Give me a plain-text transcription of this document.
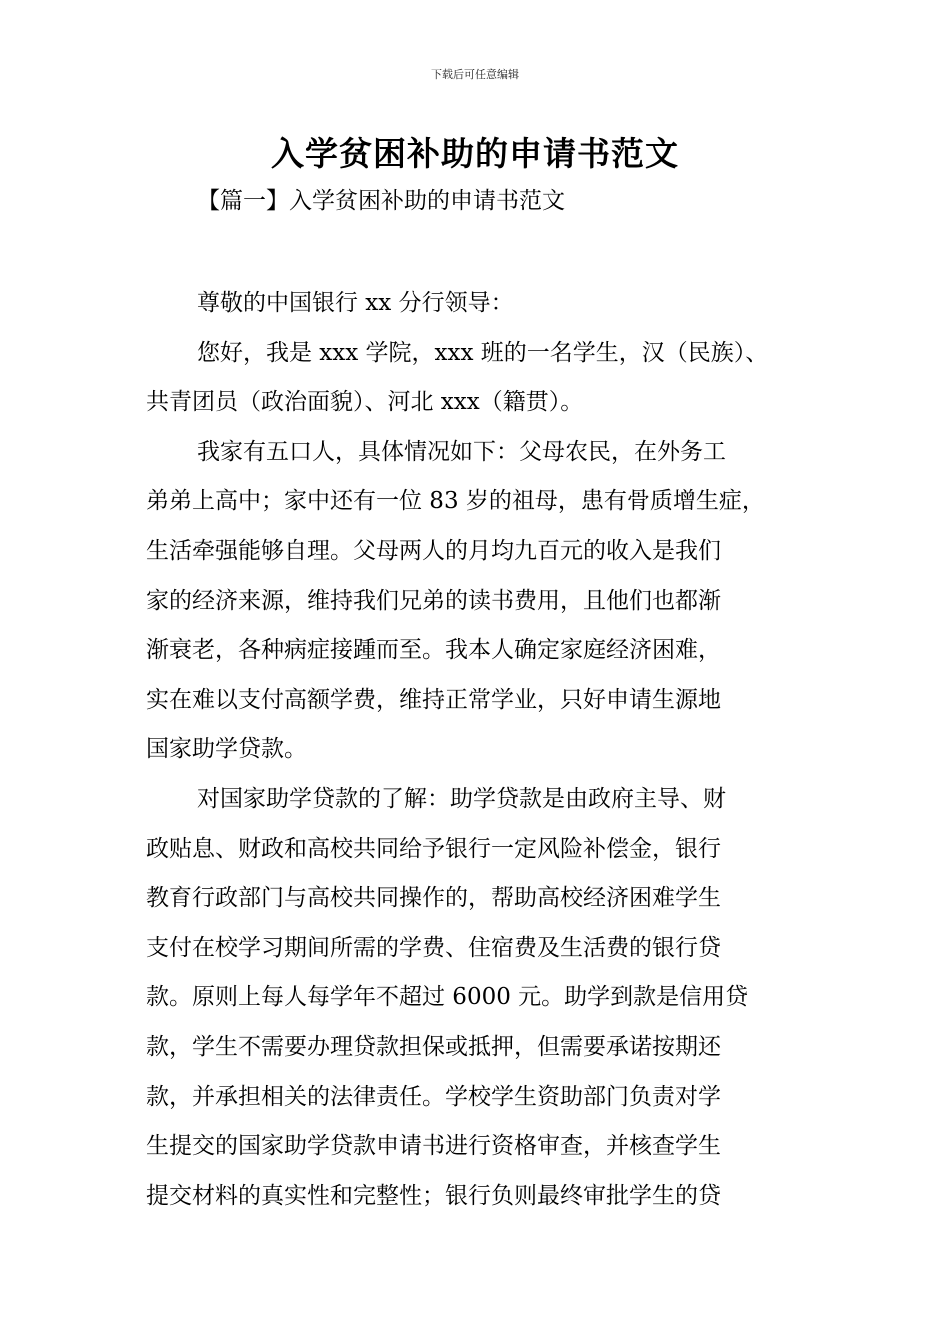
下载后可任意编辑
入学贫困补助的申请书范文
【篇一】入学贫困补助的申请书范文
尊敬的中国银行 xx 分行领导：
您好，我是 xxx 学院，xxx 班的一名学生，汉（民族）、
共青团员（政治面貌）、河北 xxx（籍贯）。
我家有五口人，具体情况如下：父母农民，在外务工
弟弟上高中；家中还有一位 83 岁的祖母，患有骨质增生症，
生活牵强能够自理。父母两人的月均九百元的收入是我们
家的经济来源，维持我们兄弟的读书费用，且他们也都渐
渐衰老，各种病症接踵而至。我本人确定家庭经济困难，
实在难以支付高额学费，维持正常学业，只好申请生源地
国家助学贷款。
对国家助学贷款的了解：助学贷款是由政府主导、财
政贴息、财政和高校共同给予银行一定风险补偿金，银行
教育行政部门与高校共同操作的，帮助高校经济困难学生
支付在校学习期间所需的学费、住宿费及生活费的银行贷
款。原则上每人每学年不超过 6000 元。助学到款是信用贷
款，学生不需要办理贷款担保或抵押，但需要承诺按期还
款，并承担相关的法律责任。学校学生资助部门负责对学
生提交的国家助学贷款申请书进行资格审查，并核查学生
提交材料的真实性和完整性；银行负则最终审批学生的贷
